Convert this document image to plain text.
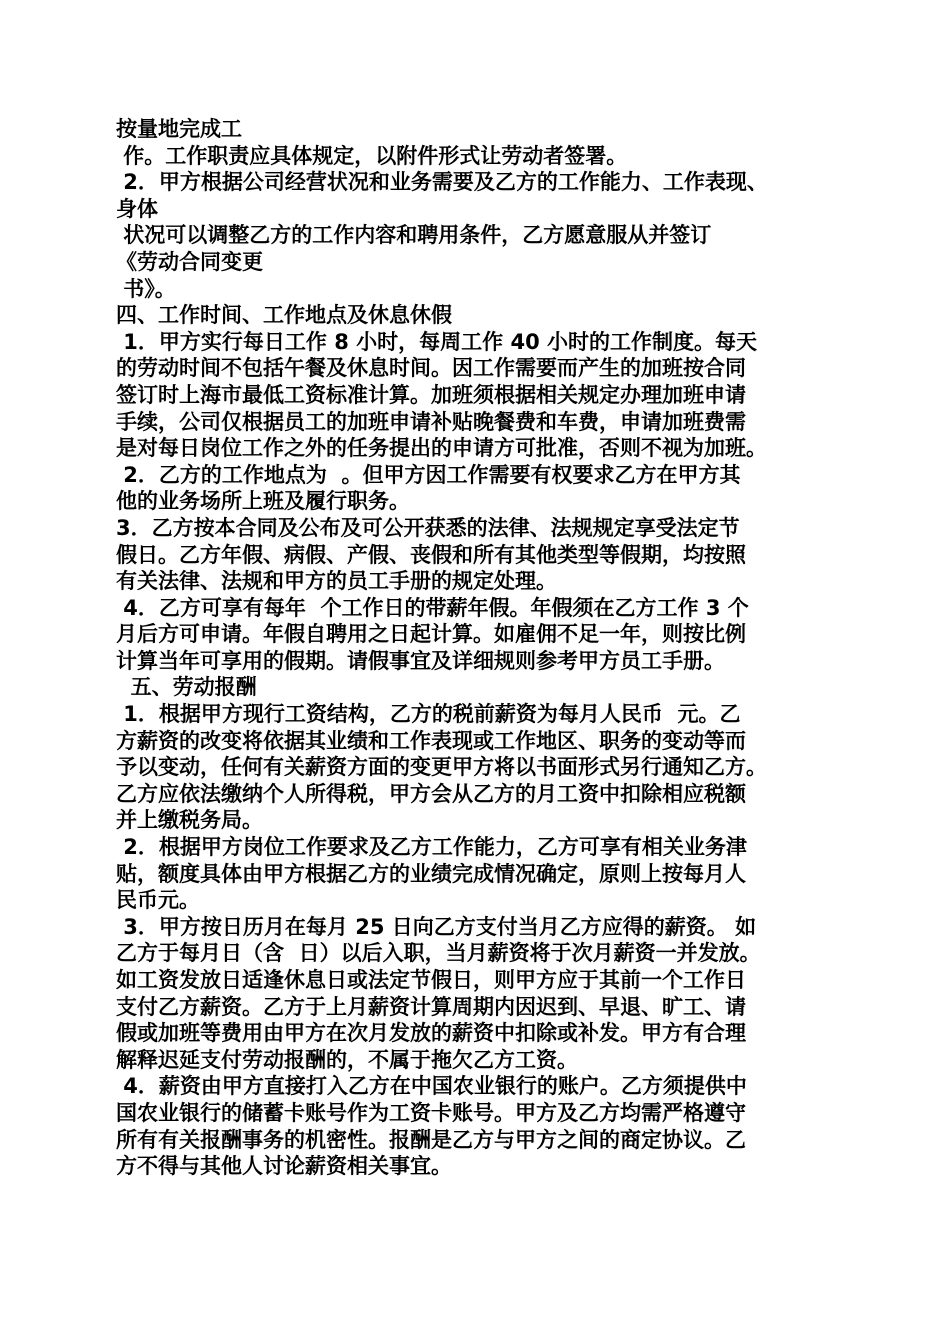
按量地完成工
作。工作职责应具体规定，以附件形式让劳动者签署。
2．甲方根据公司经营状况和业务需要及乙方的工作能力、工作表现、
身体
状况可以调整乙方的工作内容和聘用条件，乙方愿意服从并签订
《劳动合同变更
书》。
四、工作时间、工作地点及休息休假
1．甲方实行每日工作 8 小时，每周工作 40 小时的工作制度。每天
的劳动时间不包括午餐及休息时间。因工作需要而产生的加班按合同
签订时上海市最低工资标准计算。加班须根据相关规定办理加班申请
手续，公司仅根据员工的加班申请补贴晚餐费和车费，申请加班费需
是对每日岗位工作之外的任务提出的申请方可批准，否则不视为加班。
2．乙方的工作地点为  。但甲方因工作需要有权要求乙方在甲方其
他的业务场所上班及履行职务。
3．乙方按本合同及公布及可公开获悉的法律、法规规定享受法定节
假日。乙方年假、病假、产假、丧假和所有其他类型等假期，均按照
有关法律、法规和甲方的员工手册的规定处理。
4．乙方可享有每年  个工作日的带薪年假。年假须在乙方工作 3 个
月后方可申请。年假自聘用之日起计算。如雇佣不足一年，则按比例
计算当年可享用的假期。请假事宜及详细规则参考甲方员工手册。
五、劳动报酬
1．根据甲方现行工资结构，乙方的税前薪资为每月人民币  元。乙
方薪资的改变将依据其业绩和工作表现或工作地区、职务的变动等而
予以变动，任何有关薪资方面的变更甲方将以书面形式另行通知乙方。
乙方应依法缴纳个人所得税，甲方会从乙方的月工资中扣除相应税额
并上缴税务局。
2．根据甲方岗位工作要求及乙方工作能力，乙方可享有相关业务津
贴，额度具体由甲方根据乙方的业绩完成情况确定，原则上按每月人
民币元。
3．甲方按日历月在每月 25 日向乙方支付当月乙方应得的薪资。 如
乙方于每月日（含  日）以后入职，当月薪资将于次月薪资一并发放。
如工资发放日适逢休息日或法定节假日，则甲方应于其前一个工作日
支付乙方薪资。乙方于上月薪资计算周期内因迟到、早退、旷工、请
假或加班等费用由甲方在次月发放的薪资中扣除或补发。甲方有合理
解释迟延支付劳动报酬的，不属于拖欠乙方工资。
4．薪资由甲方直接打入乙方在中国农业银行的账户。乙方须提供中
国农业银行的储蓄卡账号作为工资卡账号。甲方及乙方均需严格遵守
所有有关报酬事务的机密性。报酬是乙方与甲方之间的商定协议。乙
方不得与其他人讨论薪资相关事宜。
